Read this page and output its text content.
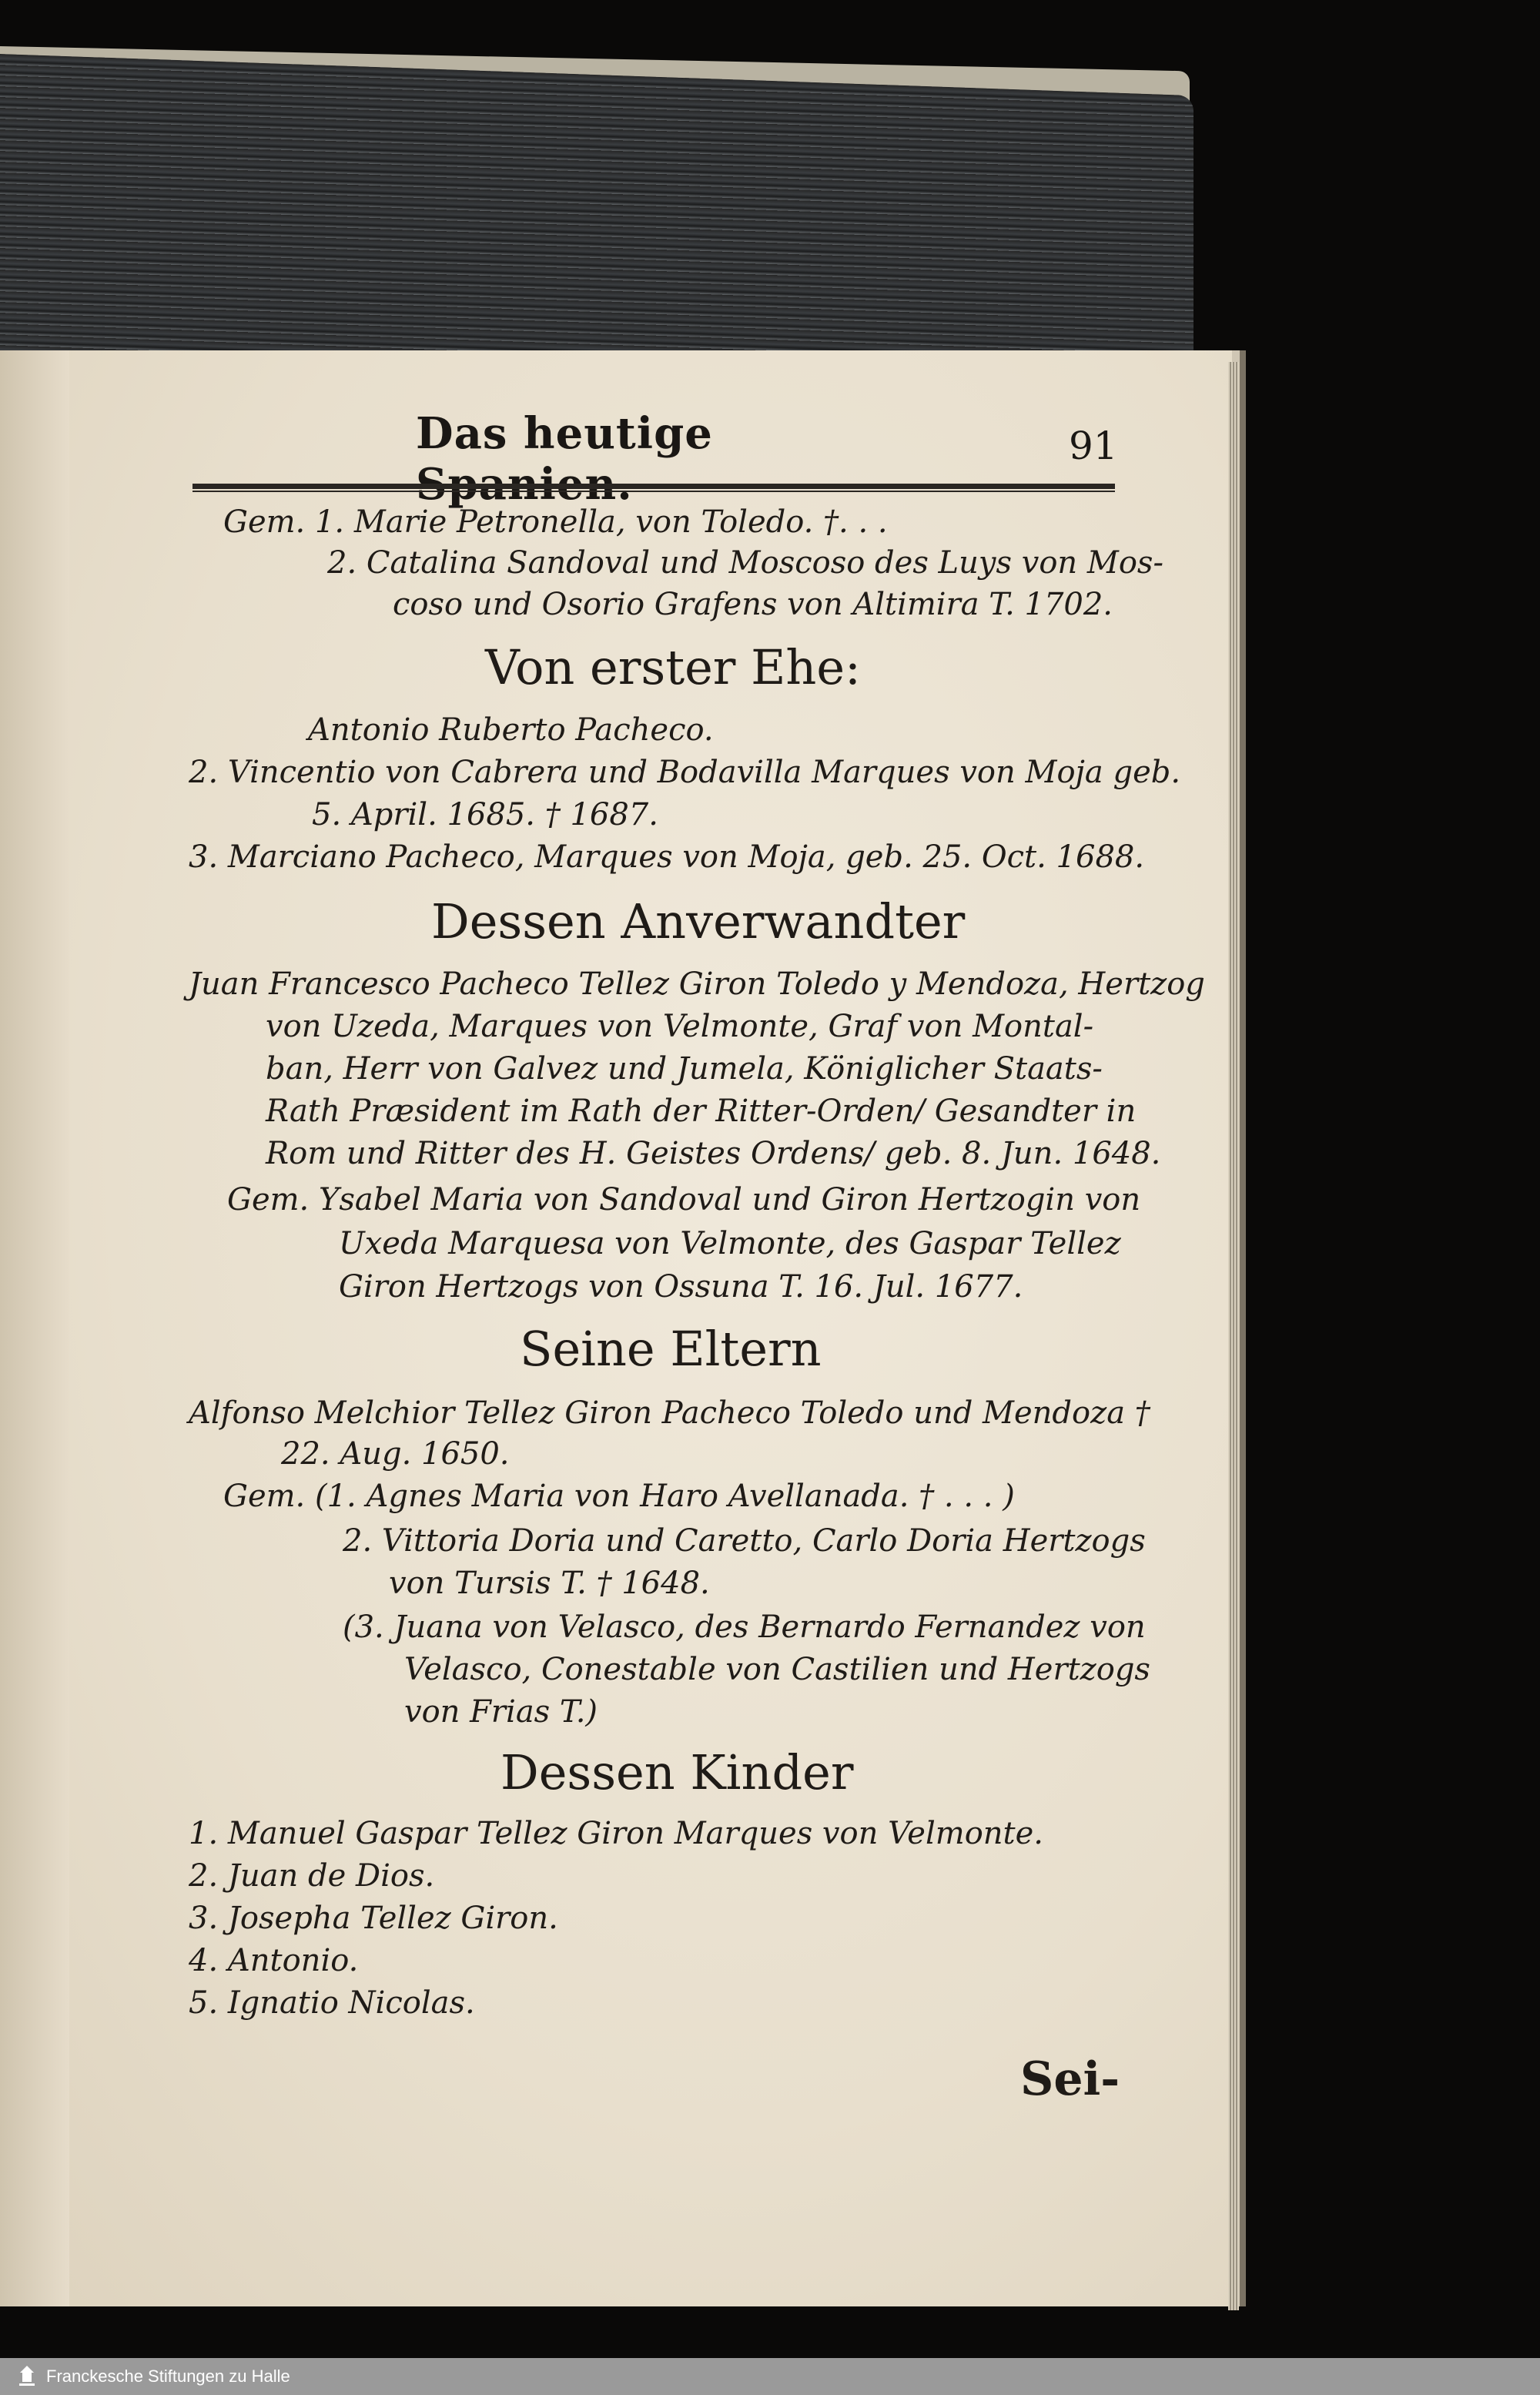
Das heutige Spanien.
91
Gem. 1. Marie Petronella, von Toledo. †. . .
2. Catalina Sandoval und Moscoso des Luys von Mos-
coso und Osorio Grafens von Altimira T. 1702.
Von erster Ehe:
Antonio Ruberto Pacheco.
2. Vincentio von Cabrera und Bodavilla Marques von Moja geb.
5. April. 1685. † 1687.
3. Marciano Pacheco, Marques von Moja, geb. 25. Oct. 1688.
Dessen Anverwandter
Juan Francesco Pacheco Tellez Giron Toledo y Mendoza, Hertzog
von Uzeda, Marques von Velmonte, Graf von Montal-
ban, Herr von Galvez und Jumela, Königlicher Staats-
Rath Præsident im Rath der Ritter-Orden/ Gesandter in
Rom und Ritter des H. Geistes Ordens/ geb. 8. Jun. 1648.
Gem. Ysabel Maria von Sandoval und Giron Hertzogin von
Uxeda Marquesa von Velmonte, des Gaspar Tellez
Giron Hertzogs von Ossuna T. 16. Jul. 1677.
Seine Eltern
Alfonso Melchior Tellez Giron Pacheco Toledo und Mendoza †
22. Aug. 1650.
Gem. (1. Agnes Maria von Haro Avellanada. † . . . )
2. Vittoria Doria und Caretto, Carlo Doria Hertzogs
von Tursis T. † 1648.
(3. Juana von Velasco, des Bernardo Fernandez von
Velasco, Conestable von Castilien und Hertzogs
von Frias T.)
Dessen Kinder
1. Manuel Gaspar Tellez Giron Marques von Velmonte.
2. Juan de Dios.
3. Josepha Tellez Giron.
4. Antonio.
5. Ignatio Nicolas.
Sei-
Franckesche Stiftungen zu Halle
